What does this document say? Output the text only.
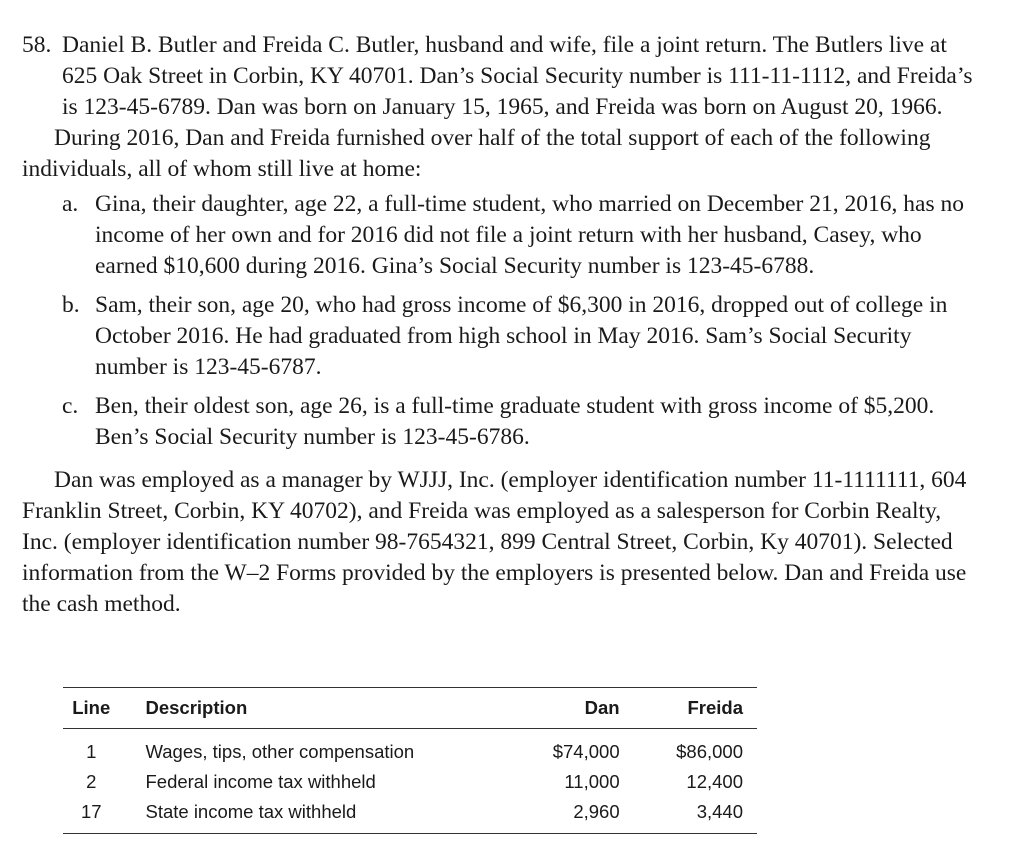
58. Daniel B. Butler and Freida C. Butler, husband and wife, file a joint return. The Butlers live at 625 Oak Street in Corbin, KY 40701. Dan’s Social Security number is 111-11-1112, and Freida’s is 123-45-6789. Dan was born on January 15, 1965, and Freida was born on August 20, 1966.

During 2016, Dan and Freida furnished over half of the total support of each of the following individuals, all of whom still live at home:

a. Gina, their daughter, age 22, a full-time student, who married on December 21, 2016, has no income of her own and for 2016 did not file a joint return with her husband, Casey, who earned $10,600 during 2016. Gina’s Social Security number is 123-45-6788.
b. Sam, their son, age 20, who had gross income of $6,300 in 2016, dropped out of college in October 2016. He had graduated from high school in May 2016. Sam’s Social Security number is 123-45-6787.
c. Ben, their oldest son, age 26, is a full-time graduate student with gross income of $5,200. Ben’s Social Security number is 123-45-6786.

Dan was employed as a manager by WJJJ, Inc. (employer identification number 11-1111111, 604 Franklin Street, Corbin, KY 40702), and Freida was employed as a salesperson for Corbin Realty, Inc. (employer identification number 98-7654321, 899 Central Street, Corbin, Ky 40701). Selected information from the W–2 Forms provided by the employers is presented below. Dan and Freida use the cash method.

Line	Description	Dan	Freida
1	Wages, tips, other compensation	$74,000	$86,000
2	Federal income tax withheld	11,000	12,400
17	State income tax withheld	2,960	3,440
